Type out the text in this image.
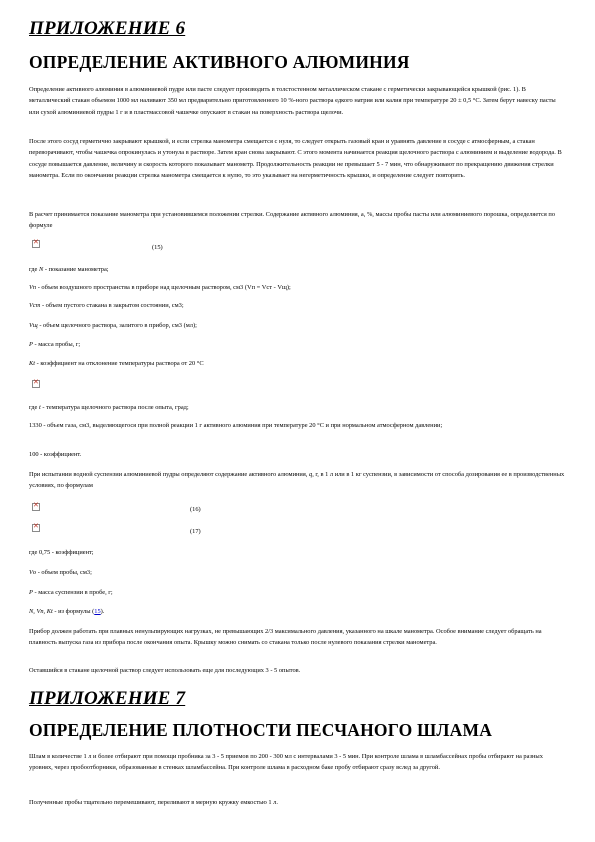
ПРИЛОЖЕНИЕ 6
ОПРЕДЕЛЕНИЕ АКТИВНОГО АЛЮМИНИЯ
Определение активного алюминия в алюминиевой пудре или пасте следует производить в толстостенном металлическом стакане с герметически закрывающейся крышкой (рис. 1). В металлический стакан объемом 1000 мл наливают 350 мл предварительно приготовленного 10 %-ного раствора едкого натрия или калия при температуре 20 ± 0,5 °С. Затем берут навеску пасты или сухой алюминиевой пудры 1 г и в пластмассовой чашечке опускают в стакан на поверхность раствора щелочи.
После этого сосуд герметично закрывают крышкой, и если стрелка манометра смещается с нуля, то следует открыть газовый кран и уравнять давление в сосуде с атмосферным, а стакан переворачивают, чтобы чашечка опрокинулась и утонула в растворе. Затем кран снова закрывают. С этого момента начинается реакция щелочного раствора с алюминием и выделение водорода. В сосуде повышается давление, величину и скорость которого показывает манометр. Продолжительность реакции не превышает 5 - 7 мин, что обнаруживают по прекращению движения стрелки манометра. Если по окончании реакции стрелка манометра смещается к нулю, то это указывает на негерметичность крышки, и определение следует повторить.
В расчет принимается показание манометра при установившемся положении стрелки. Содержание активного алюминия, а, %, массы пробы пасты или алюминиевого порошка, определяется по формуле
✕
(15)
где N - показание манометра;
Vп - объем воздушного пространства в приборе над щелочным раствором, см3 (Vп = Vст - Vщ);
Vст - объем пустого стакана в закрытом состоянии, см3;
Vщ - объем щелочного раствора, залитого в прибор, см3 (мл);
P - масса пробы, г;
Kt - коэффициент на отклонение температуры раствора от 20 °С
✕
где t - температура щелочного раствора после опыта, град;
1330 - объем газа, см3, выделяющегося при полной реакции 1 г активного алюминия при температуре 20 °С и при нормальном атмосферном давлении;
100 - коэффициент.
При испытании водной суспензии алюминиевой пудры определяют содержание активного алюминия, q, г, в 1 л или в 1 кг суспензии, в зависимости от способа дозирования ее в производственных условиях, по формулам
✕
(16)
✕
(17)
где 0,75 - коэффициент;
Vо - объем пробы, см3;
P - масса суспензии в пробе, г;
N, Vп, Kt - из формулы (15).
Прибор должен работать при плавных ненульпирующих нагрузках, не превышающих 2/3 максимального давления, указанного на шкале манометра. Особое внимание следует обращать на плавность выпуска газа из прибора после окончания опыта. Крышку можно снимать со стакана только после нулевого показания стрелки манометра.
Оставшийся в стакане щелочной раствор следует использовать еще для последующих 3 - 5 опытов.
ПРИЛОЖЕНИЕ 7
ОПРЕДЕЛЕНИЕ ПЛОТНОСТИ ПЕСЧАНОГО ШЛАМА
Шлам в количестве 1 л и более отбирают при помощи пробника за 3 - 5 приемов по 200 - 300 мл с интервалами 3 - 5 мин. При контроле шлама в шламбассейнах пробы отбирают на разных уровнях, через пробоотборники, образованные в стенках шламбассейна. При контроле шлама в расходном баке пробу отбирают сразу вслед за другой.
Полученные пробы тщательно перемешивают, переливают в мерную кружку емкостью 1 л.
